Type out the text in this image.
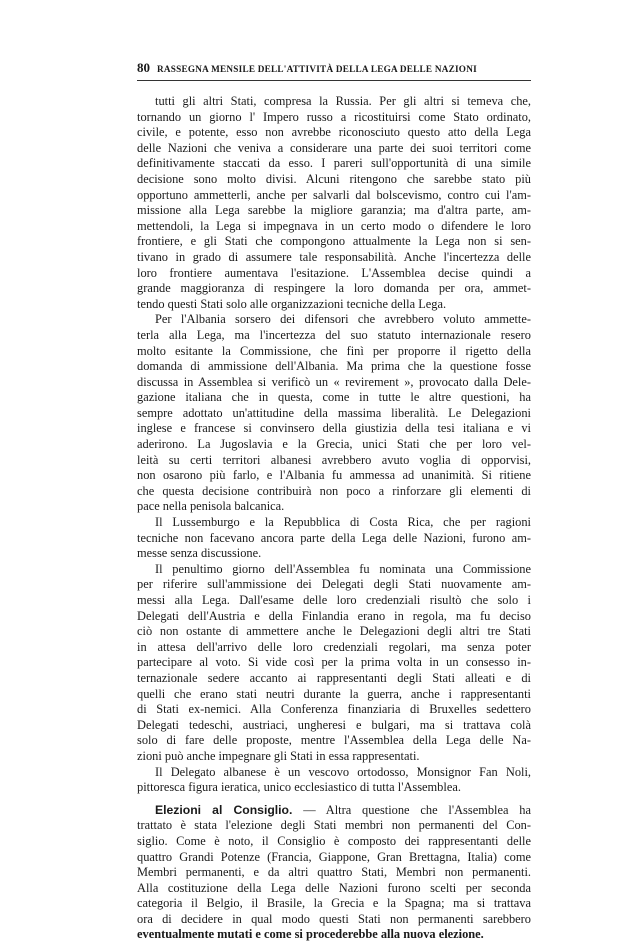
80 RASSEGNA MENSILE DELL'ATTIVITÀ DELLA LEGA DELLE NAZIONI
tutti gli altri Stati, compresa la Russia. Per gli altri si temeva che,
tornando un giorno l' Impero russo a ricostituirsi come Stato ordinato,
civile, e potente, esso non avrebbe riconosciuto questo atto della Lega
delle Nazioni che veniva a considerare una parte dei suoi territori come
definitivamente staccati da esso. I pareri sull'opportunità di una simile
decisione sono molto divisi. Alcuni ritengono che sarebbe stato più
opportuno ammetterli, anche per salvarli dal bolscevismo, contro cui l'am-
missione alla Lega sarebbe la migliore garanzia; ma d'altra parte, am-
mettendoli, la Lega si impegnava in un certo modo o difendere le loro
frontiere, e gli Stati che compongono attualmente la Lega non si sen-
tivano in grado di assumere tale responsabilità. Anche l'incertezza delle
loro frontiere aumentava l'esitazione. L'Assemblea decise quindi a
grande maggioranza di respingere la loro domanda per ora, ammet-
tendo questi Stati solo alle organizzazioni tecniche della Lega.
Per l'Albania sorsero dei difensori che avrebbero voluto ammette-
terla alla Lega, ma l'incertezza del suo statuto internazionale resero
molto esitante la Commissione, che finì per proporre il rigetto della
domanda di ammissione dell'Albania. Ma prima che la questione fosse
discussa in Assemblea si verificò un « revirement », provocato dalla Dele-
gazione italiana che in questa, come in tutte le altre questioni, ha
sempre adottato un'attitudine della massima liberalità. Le Delegazioni
inglese e francese si convinsero della giustizia della tesi italiana e vi
aderirono. La Jugoslavia e la Grecia, unici Stati che per loro vel-
leità su certi territori albanesi avrebbero avuto voglia di opporvisi,
non osarono più farlo, e l'Albania fu ammessa ad unanimità. Si ritiene
che questa decisione contribuirà non poco a rinforzare gli elementi di
pace nella penisola balcanica.
Il Lussemburgo e la Repubblica di Costa Rica, che per ragioni
tecniche non facevano ancora parte della Lega delle Nazioni, furono am-
messe senza discussione.
Il penultimo giorno dell'Assemblea fu nominata una Commissione
per riferire sull'ammissione dei Delegati degli Stati nuovamente am-
messi alla Lega. Dall'esame delle loro credenziali risultò che solo i
Delegati dell'Austria e della Finlandia erano in regola, ma fu deciso
ciò non ostante di ammettere anche le Delegazioni degli altri tre Stati
in attesa dell'arrivo delle loro credenziali regolari, ma senza poter
partecipare al voto. Si vide così per la prima volta in un consesso in-
ternazionale sedere accanto ai rappresentanti degli Stati alleati e di
quelli che erano stati neutri durante la guerra, anche i rappresentanti
di Stati ex-nemici. Alla Conferenza finanziaria di Bruxelles sedettero
Delegati tedeschi, austriaci, ungheresi e bulgari, ma si trattava colà
solo di fare delle proposte, mentre l'Assemblea della Lega delle Na-
zioni può anche impegnare gli Stati in essa rappresentati.
Il Delegato albanese è un vescovo ortodosso, Monsignor Fan Noli,
pittoresca figura ieratica, unico ecclesiastico di tutta l'Assemblea.
Elezioni al Consiglio. — Altra questione che l'Assemblea ha
trattato è stata l'elezione degli Stati membri non permanenti del Con-
siglio. Come è noto, il Consiglio è composto dei rappresentanti delle
quattro Grandi Potenze (Francia, Giappone, Gran Brettagna, Italia) come
Membri permanenti, e da altri quattro Stati, Membri non permanenti.
Alla costituzione della Lega delle Nazioni furono scelti per seconda
categoria il Belgio, il Brasile, la Grecia e la Spagna; ma si trattava
ora di decidere in qual modo questi Stati non permanenti sarebbero
eventualmente mutati e come si procederebbe alla nuova elezione.
